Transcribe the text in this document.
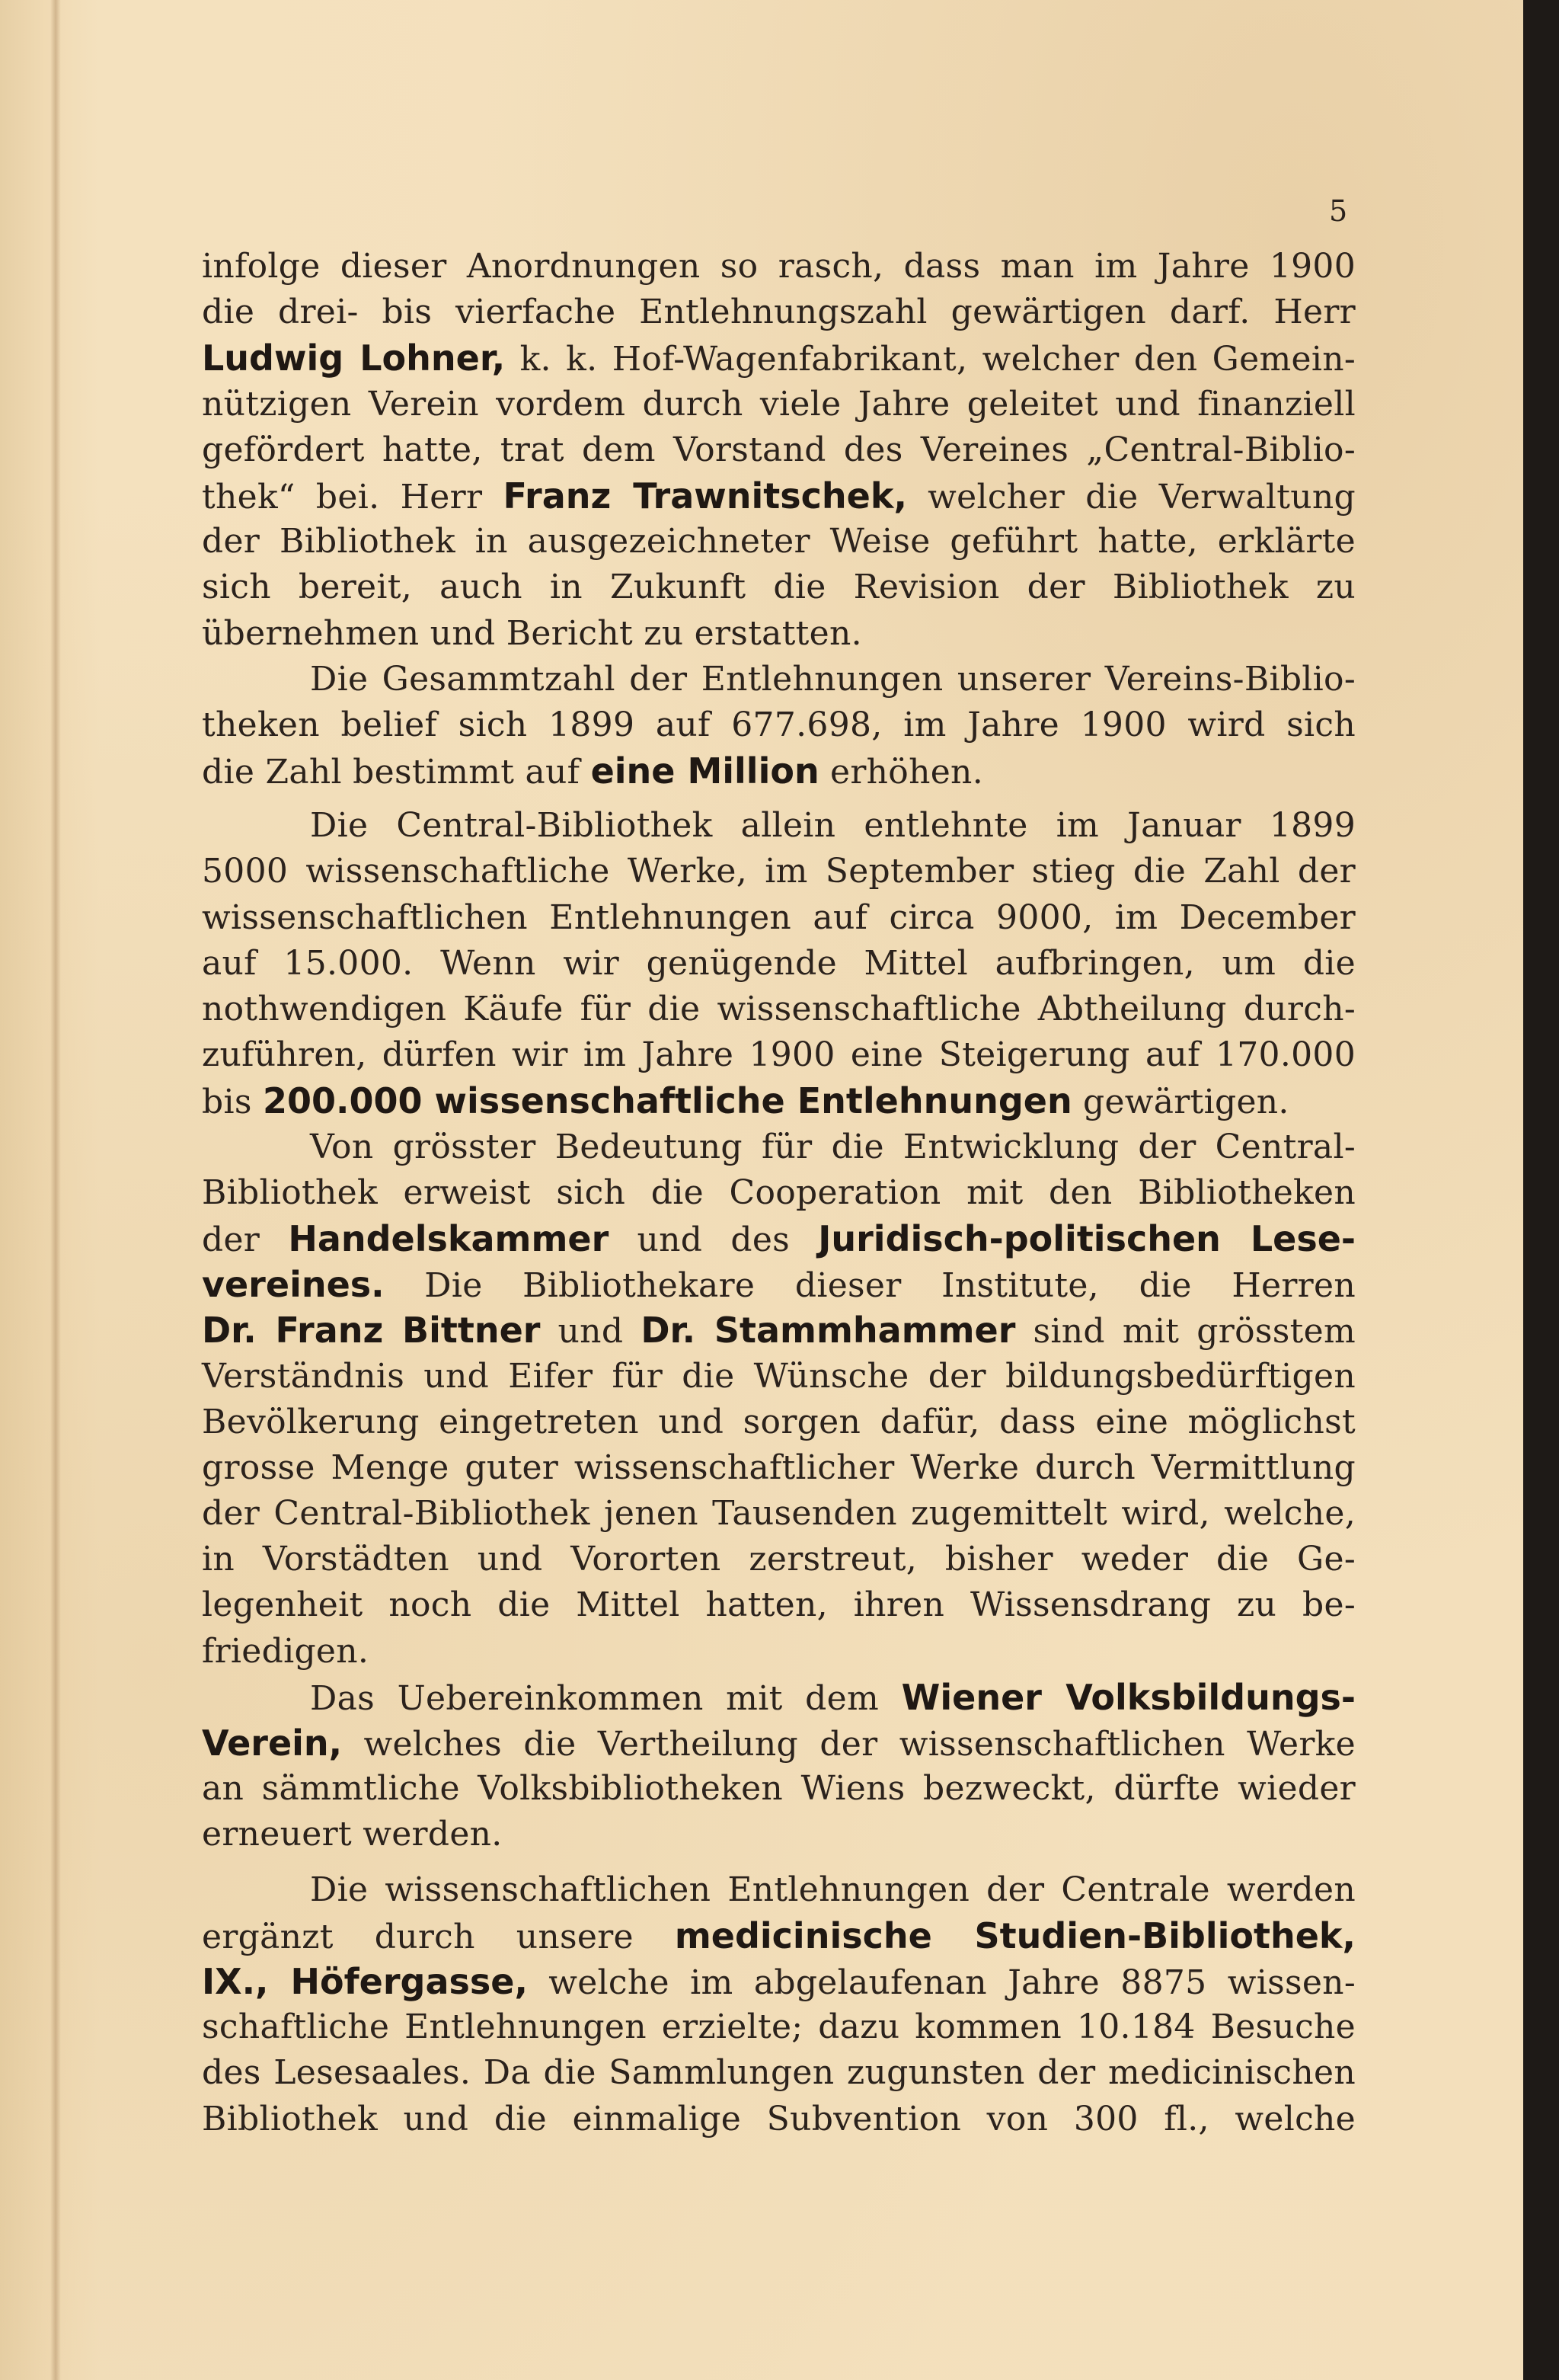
5
infolge dieser Anordnungen so rasch, dass man im Jahre 1900
die drei- bis vierfache Entlehnungszahl gewärtigen darf. Herr
Ludwig Lohner, k. k. Hof-Wagenfabrikant, welcher den Gemein-
nützigen Verein vordem durch viele Jahre geleitet und finanziell
gefördert hatte, trat dem Vorstand des Vereines „Central-Biblio-
thek“ bei. Herr Franz Trawnitschek, welcher die Verwaltung
der Bibliothek in ausgezeichneter Weise geführt hatte, erklärte
sich bereit, auch in Zukunft die Revision der Bibliothek zu
übernehmen und Bericht zu erstatten.
Die Gesammtzahl der Entlehnungen unserer Vereins-Biblio-
theken belief sich 1899 auf 677.698, im Jahre 1900 wird sich
die Zahl bestimmt auf eine Million erhöhen.
Die Central-Bibliothek allein entlehnte im Januar 1899
5000 wissenschaftliche Werke, im September stieg die Zahl der
wissenschaftlichen Entlehnungen auf circa 9000, im December
auf 15.000. Wenn wir genügende Mittel aufbringen, um die
nothwendigen Käufe für die wissenschaftliche Abtheilung durch-
zuführen, dürfen wir im Jahre 1900 eine Steigerung auf 170.000
bis 200.000 wissenschaftliche Entlehnungen gewärtigen.
Von grösster Bedeutung für die Entwicklung der Central-
Bibliothek erweist sich die Cooperation mit den Bibliotheken
der Handelskammer und des Juridisch-politischen Lese-
vereines. Die Bibliothekare dieser Institute, die Herren
Dr. Franz Bittner und Dr. Stammhammer sind mit grösstem
Verständnis und Eifer für die Wünsche der bildungsbedürftigen
Bevölkerung eingetreten und sorgen dafür, dass eine möglichst
grosse Menge guter wissenschaftlicher Werke durch Vermittlung
der Central-Bibliothek jenen Tausenden zugemittelt wird, welche,
in Vorstädten und Vororten zerstreut, bisher weder die Ge-
legenheit noch die Mittel hatten, ihren Wissensdrang zu be-
friedigen.
Das Uebereinkommen mit dem Wiener Volksbildungs-
Verein, welches die Vertheilung der wissenschaftlichen Werke
an sämmtliche Volksbibliotheken Wiens bezweckt, dürfte wieder
erneuert werden.
Die wissenschaftlichen Entlehnungen der Centrale werden
ergänzt durch unsere medicinische Studien-Bibliothek,
IX., Höfergasse, welche im abgelaufenan Jahre 8875 wissen-
schaftliche Entlehnungen erzielte; dazu kommen 10.184 Besuche
des Lesesaales. Da die Sammlungen zugunsten der medicinischen
Bibliothek und die einmalige Subvention von 300 fl., welche
